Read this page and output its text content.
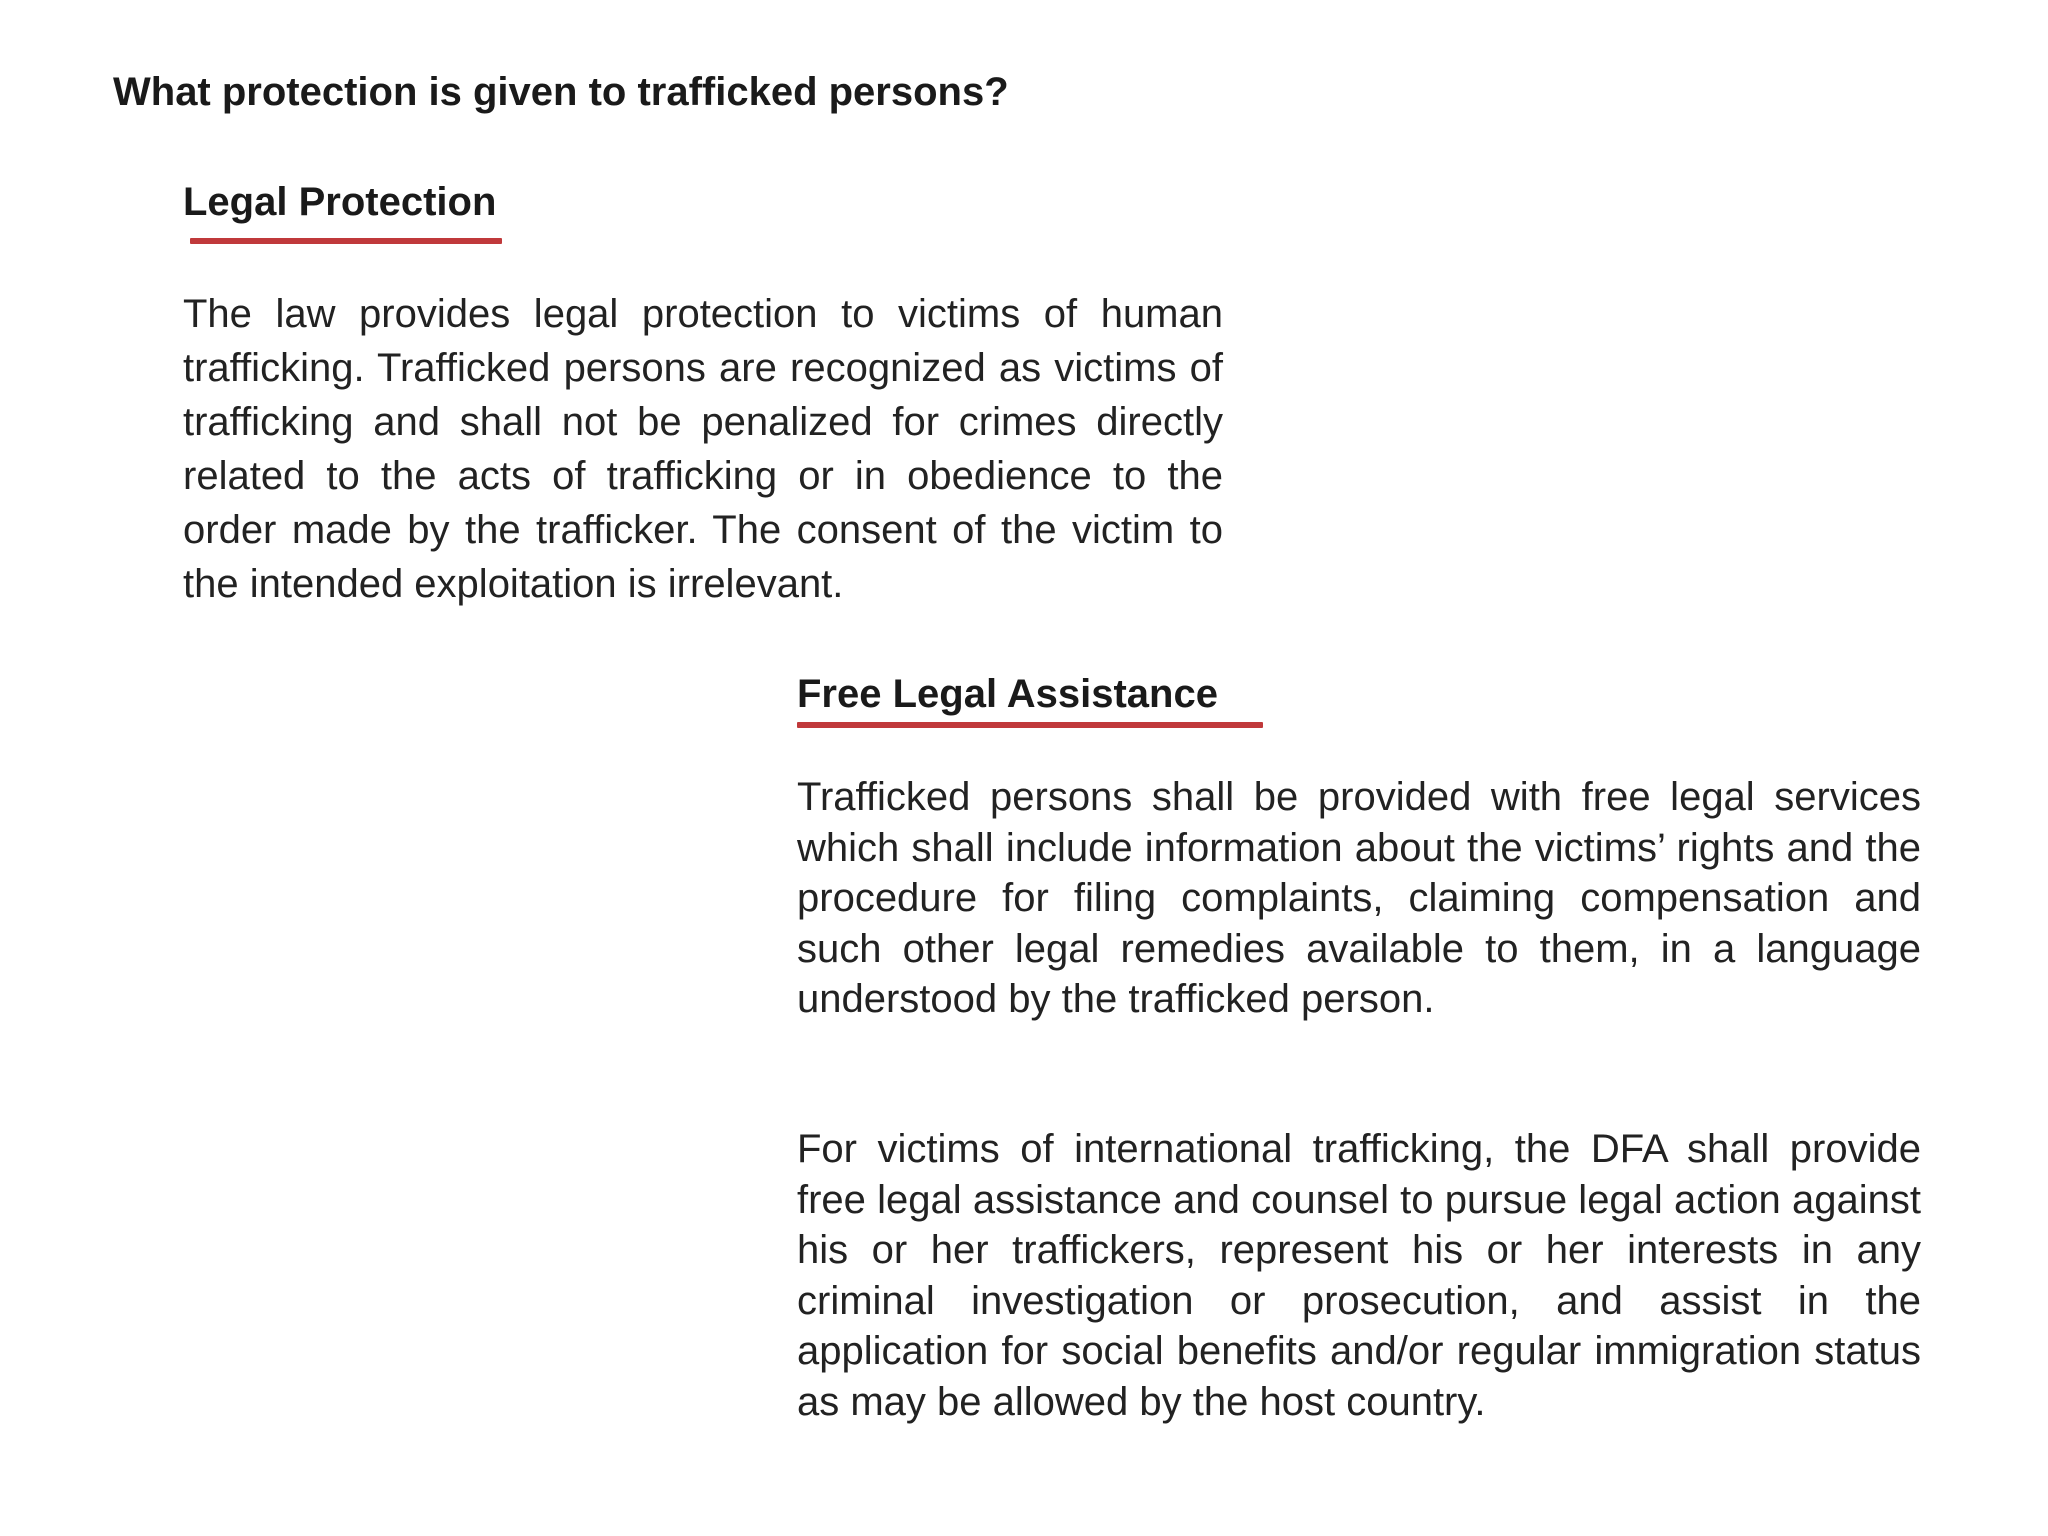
What protection is given to trafficked persons?
Legal Protection

The law provides legal protection to victims of human trafficking. Trafficked persons are recognized as victims of trafficking and shall not be penalized for crimes directly related to the acts of trafficking or in obedience to the order made by the trafficker. The consent of the victim to the intended exploitation is irrelevant.

Free Legal Assistance

Trafficked persons shall be provided with free legal services which shall include information about the victims’ rights and the procedure for filing complaints, claiming compensation and such other legal remedies available to them, in a language understood by the trafficked person.

For victims of international trafficking, the DFA shall provide free legal assistance and counsel to pursue legal action against his or her traffickers, represent his or her interests in any criminal investigation or prosecution, and assist in the application for social benefits and/or regular immigration status as may be allowed by the host country.
